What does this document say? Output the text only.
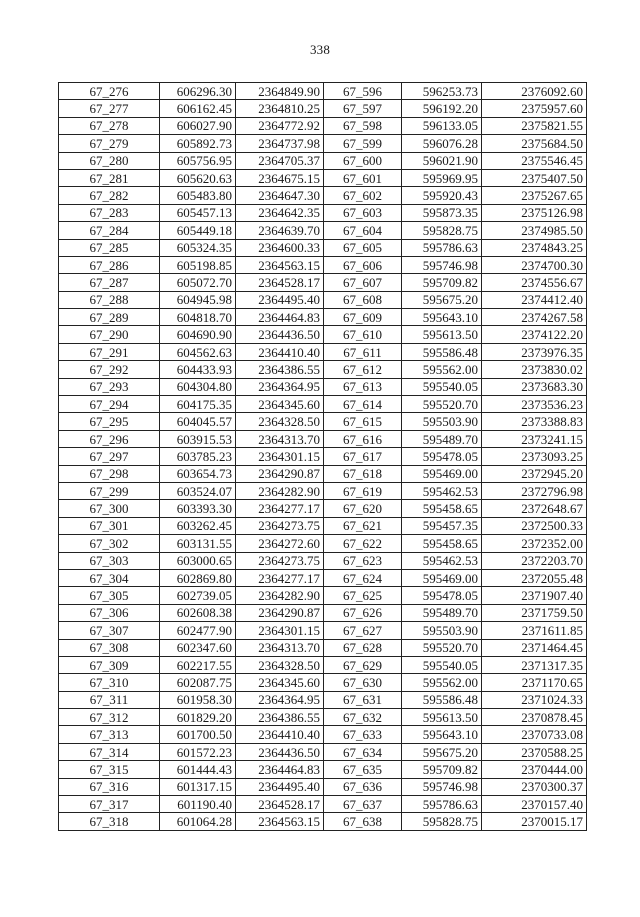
338
67_276	606296.30	2364849.90	67_596	596253.73	2376092.60
67_277	606162.45	2364810.25	67_597	596192.20	2375957.60
67_278	606027.90	2364772.92	67_598	596133.05	2375821.55
67_279	605892.73	2364737.98	67_599	596076.28	2375684.50
67_280	605756.95	2364705.37	67_600	596021.90	2375546.45
67_281	605620.63	2364675.15	67_601	595969.95	2375407.50
67_282	605483.80	2364647.30	67_602	595920.43	2375267.65
67_283	605457.13	2364642.35	67_603	595873.35	2375126.98
67_284	605449.18	2364639.70	67_604	595828.75	2374985.50
67_285	605324.35	2364600.33	67_605	595786.63	2374843.25
67_286	605198.85	2364563.15	67_606	595746.98	2374700.30
67_287	605072.70	2364528.17	67_607	595709.82	2374556.67
67_288	604945.98	2364495.40	67_608	595675.20	2374412.40
67_289	604818.70	2364464.83	67_609	595643.10	2374267.58
67_290	604690.90	2364436.50	67_610	595613.50	2374122.20
67_291	604562.63	2364410.40	67_611	595586.48	2373976.35
67_292	604433.93	2364386.55	67_612	595562.00	2373830.02
67_293	604304.80	2364364.95	67_613	595540.05	2373683.30
67_294	604175.35	2364345.60	67_614	595520.70	2373536.23
67_295	604045.57	2364328.50	67_615	595503.90	2373388.83
67_296	603915.53	2364313.70	67_616	595489.70	2373241.15
67_297	603785.23	2364301.15	67_617	595478.05	2373093.25
67_298	603654.73	2364290.87	67_618	595469.00	2372945.20
67_299	603524.07	2364282.90	67_619	595462.53	2372796.98
67_300	603393.30	2364277.17	67_620	595458.65	2372648.67
67_301	603262.45	2364273.75	67_621	595457.35	2372500.33
67_302	603131.55	2364272.60	67_622	595458.65	2372352.00
67_303	603000.65	2364273.75	67_623	595462.53	2372203.70
67_304	602869.80	2364277.17	67_624	595469.00	2372055.48
67_305	602739.05	2364282.90	67_625	595478.05	2371907.40
67_306	602608.38	2364290.87	67_626	595489.70	2371759.50
67_307	602477.90	2364301.15	67_627	595503.90	2371611.85
67_308	602347.60	2364313.70	67_628	595520.70	2371464.45
67_309	602217.55	2364328.50	67_629	595540.05	2371317.35
67_310	602087.75	2364345.60	67_630	595562.00	2371170.65
67_311	601958.30	2364364.95	67_631	595586.48	2371024.33
67_312	601829.20	2364386.55	67_632	595613.50	2370878.45
67_313	601700.50	2364410.40	67_633	595643.10	2370733.08
67_314	601572.23	2364436.50	67_634	595675.20	2370588.25
67_315	601444.43	2364464.83	67_635	595709.82	2370444.00
67_316	601317.15	2364495.40	67_636	595746.98	2370300.37
67_317	601190.40	2364528.17	67_637	595786.63	2370157.40
67_318	601064.28	2364563.15	67_638	595828.75	2370015.17
